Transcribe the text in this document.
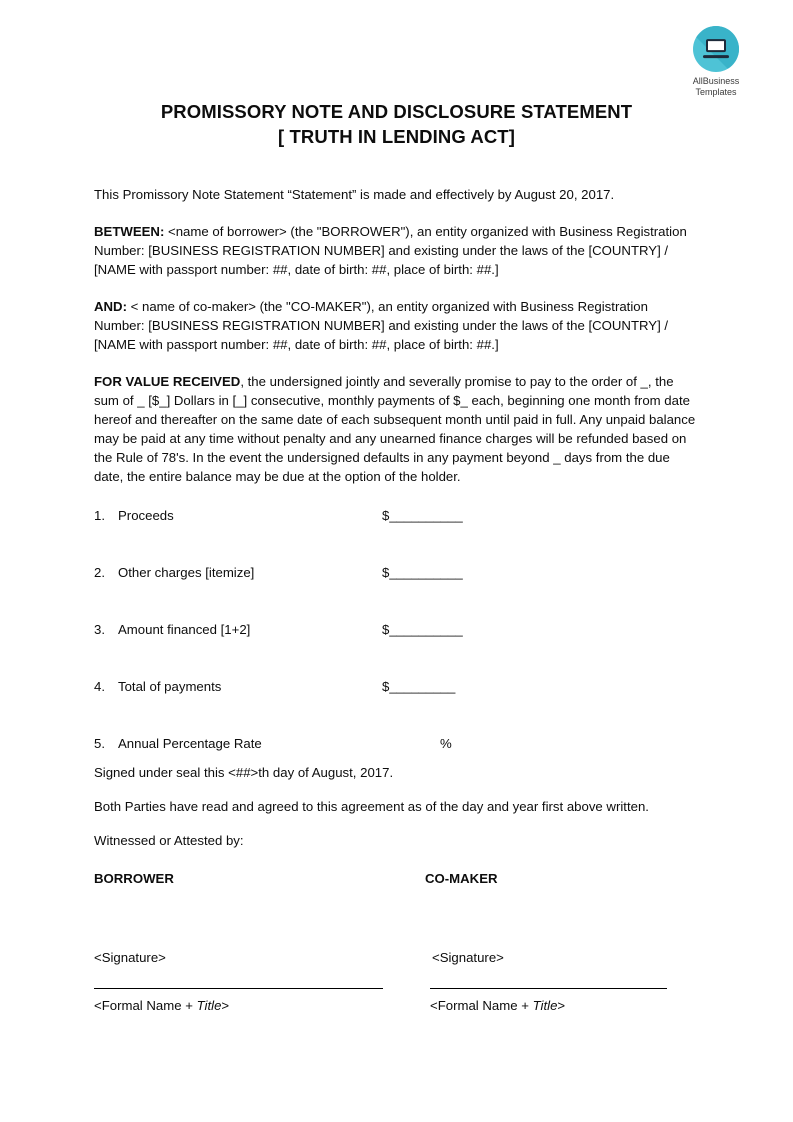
AllBusiness
Templates
PROMISSORY NOTE AND DISCLOSURE STATEMENT
[ TRUTH IN LENDING ACT]

This Promissory Note Statement “Statement” is made and effectively by August 20, 2017.

BETWEEN: <name of borrower> (the "BORROWER"), an entity organized with Business Registration Number: [BUSINESS REGISTRATION NUMBER] and existing under the laws of the [COUNTRY] / [NAME with passport number: ##, date of birth: ##, place of birth: ##.]

AND: < name of co-maker> (the "CO-MAKER"), an entity organized with Business Registration Number: [BUSINESS REGISTRATION NUMBER] and existing under the laws of the [COUNTRY] / [NAME with passport number: ##, date of birth: ##, place of birth: ##.]

FOR VALUE RECEIVED, the undersigned jointly and severally promise to pay to the order of _, the sum of _ [$_] Dollars in [_] consecutive, monthly payments of $_ each, beginning one month from date hereof and thereafter on the same date of each subsequent month until paid in full. Any unpaid balance may be paid at any time without penalty and any unearned finance charges will be refunded based on the Rule of 78's. In the event the undersigned defaults in any payment beyond _ days from the due date, the entire balance may be due at the option of the holder.

1. Proceeds	$__________
2. Other charges [itemize]	$__________
3. Amount financed [1+2]	$__________
4. Total of payments	$_________
5. Annual Percentage Rate	%

Signed under seal this <##>th day of August, 2017.

Both Parties have read and agreed to this agreement as of the day and year first above written.

Witnessed or Attested by:

BORROWER	CO-MAKER
<Signature>	<Signature>
<Formal Name + Title>	<Formal Name + Title>
